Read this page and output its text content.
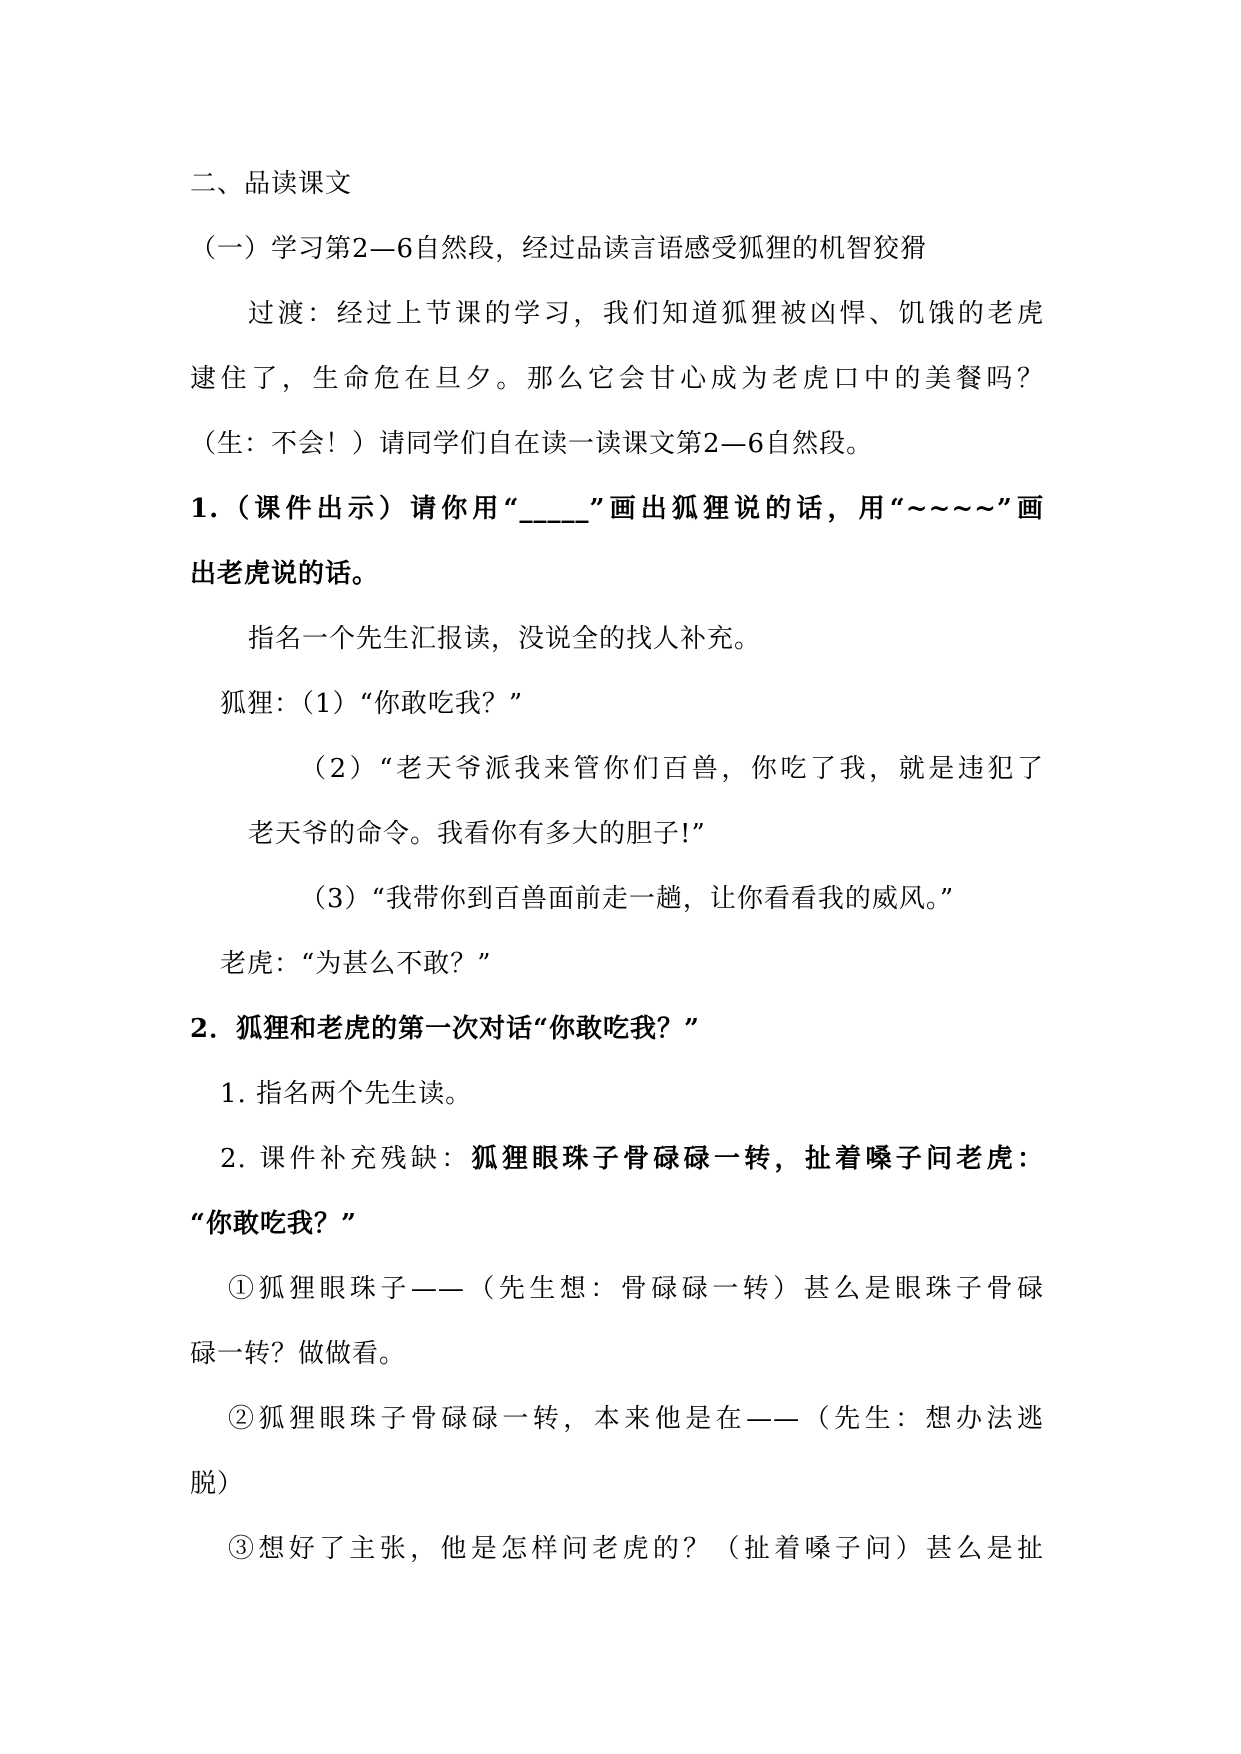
二、品读课文
（一）学习第2—6自然段，经过品读言语感受狐狸的机智狡猾
过渡：经过上节课的学习，我们知道狐狸被凶悍、饥饿的老虎
逮住了，生命危在旦夕。那么它会甘心成为老虎口中的美餐吗？
（生：不会！）请同学们自在读一读课文第2—6自然段。
1.（课件出示）请你用“_____”画出狐狸说的话，用“~~~~”画
出老虎说的话。
指名一个先生汇报读，没说全的找人补充。
狐狸：（1）“你敢吃我？”
（2）“老天爷派我来管你们百兽，你吃了我，就是违犯了
老天爷的命令。我看你有多大的胆子!”
（3）“我带你到百兽面前走一趟，让你看看我的威风。”
老虎：“为甚么不敢？”
2．狐狸和老虎的第一次对话“你敢吃我？”
1. 指名两个先生读。
2. 课件补充残缺：狐狸眼珠子骨碌碌一转，扯着嗓子问老虎：
“你敢吃我？”
①狐狸眼珠子——（先生想：骨碌碌一转）甚么是眼珠子骨碌
碌一转？做做看。
②狐狸眼珠子骨碌碌一转，本来他是在——（先生：想办法逃
脱）
③想好了主张，他是怎样问老虎的？（扯着嗓子问）甚么是扯
